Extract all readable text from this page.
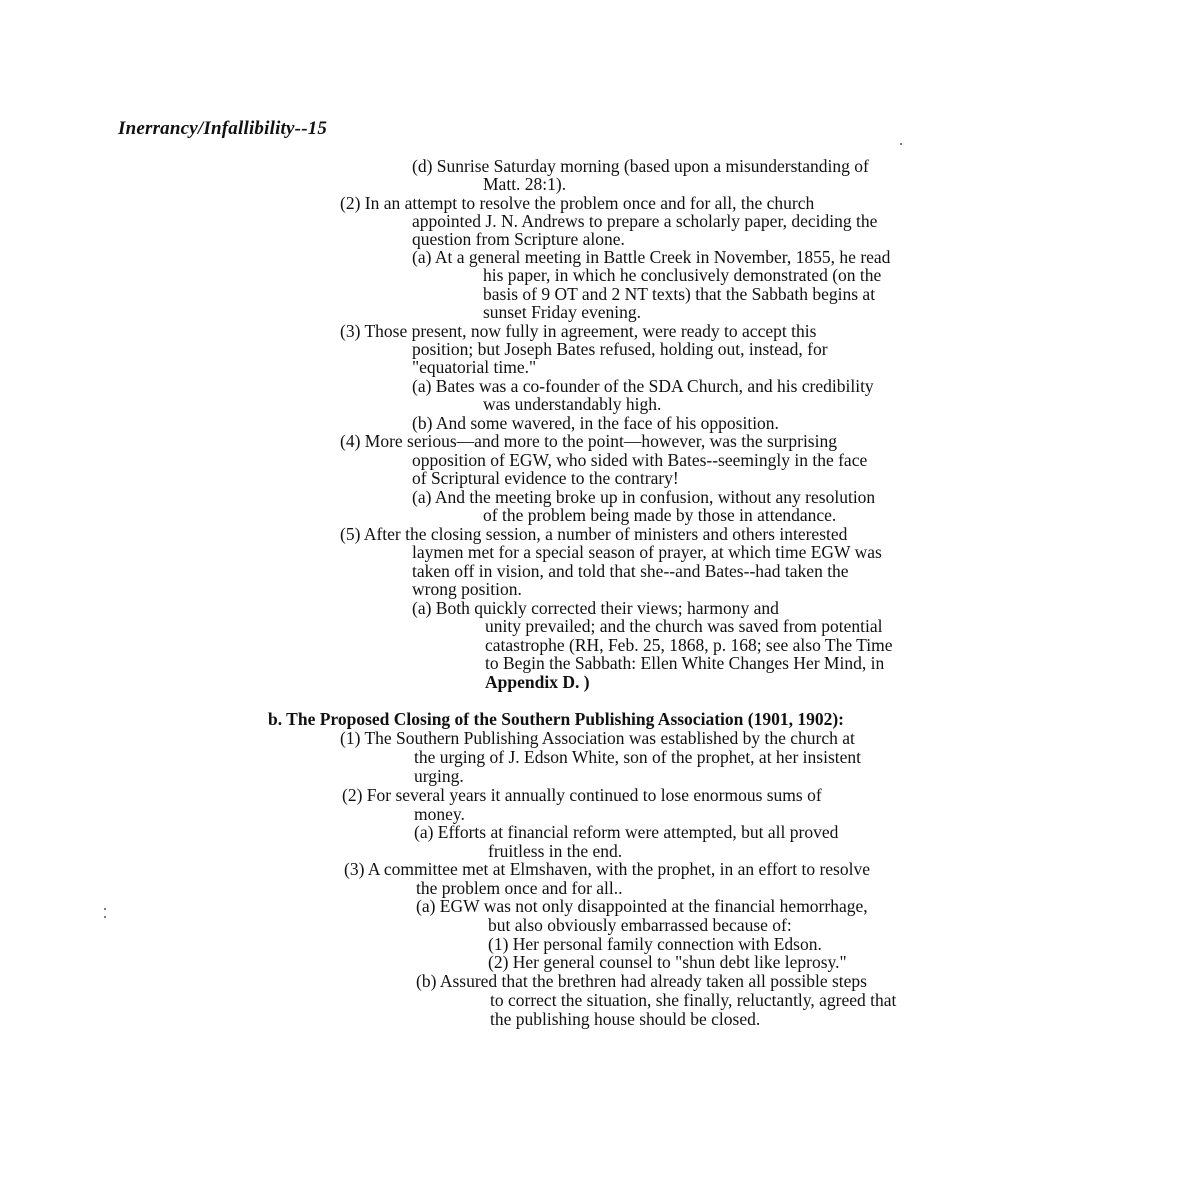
Inerrancy/Infallibility--15
(d) Sunrise Saturday morning (based upon a misunderstanding of
Matt. 28:1).
(2) In an attempt to resolve the problem once and for all, the church
appointed J. N. Andrews to prepare a scholarly paper, deciding the
question from Scripture alone.
(a) At a general meeting in Battle Creek in November, 1855, he read
his paper, in which he conclusively demonstrated (on the
basis of 9 OT and 2 NT texts) that the Sabbath begins at
sunset Friday evening.
(3) Those present, now fully in agreement, were ready to accept this
position; but Joseph Bates refused, holding out, instead, for
"equatorial time."
(a) Bates was a co-founder of the SDA Church, and his credibility
was understandably high.
(b) And some wavered, in the face of his opposition.
(4) More serious—and more to the point—however, was the surprising
opposition of EGW, who sided with Bates--seemingly in the face
of Scriptural evidence to the contrary!
(a) And the meeting broke up in confusion, without any resolution
of the problem being made by those in attendance.
(5) After the closing session, a number of ministers and others interested
laymen met for a special season of prayer, at which time EGW was
taken off in vision, and told that she--and Bates--had taken the
wrong position.
(a) Both quickly corrected their views; harmony and
unity prevailed; and the church was saved from potential
catastrophe (RH, Feb. 25, 1868, p. 168; see also The Time
to Begin the Sabbath: Ellen White Changes Her Mind, in
Appendix D. )
b. The Proposed Closing of the Southern Publishing Association (1901, 1902):
(1) The Southern Publishing Association was established by the church at
the urging of J. Edson White, son of the prophet, at her insistent
urging.
(2) For several years it annually continued to lose enormous sums of
money.
(a) Efforts at financial reform were attempted, but all proved
fruitless in the end.
(3) A committee met at Elmshaven, with the prophet, in an effort to resolve
the problem once and for all..
(a) EGW was not only disappointed at the financial hemorrhage,
but also obviously embarrassed because of:
(1) Her personal family connection with Edson.
(2) Her general counsel to "shun debt like leprosy."
(b) Assured that the brethren had already taken all possible steps
to correct the situation, she finally, reluctantly, agreed that
the publishing house should be closed.
